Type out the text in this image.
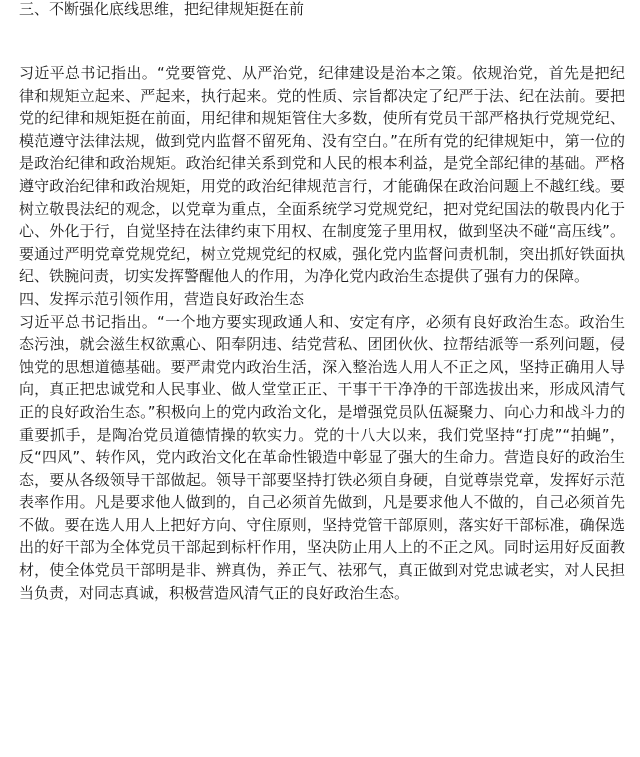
三、不断强化底线思维，把纪律规矩挺在前

习近平总书记指出。“党要管党、从严治党，纪律建设是治本之策。依规治党，首先是把纪律和规矩立起来、严起来，执行起来。党的性质、宗旨都决定了纪严于法、纪在法前。要把党的纪律和规矩挺在前面，用纪律和规矩管住大多数，使所有党员干部严格执行党规党纪、模范遵守法律法规，做到党内监督不留死角、没有空白。”在所有党的纪律规矩中，第一位的是政治纪律和政治规矩。政治纪律关系到党和人民的根本利益，是党全部纪律的基础。严格遵守政治纪律和政治规矩，用党的政治纪律规范言行，才能确保在政治问题上不越红线。要树立敬畏法纪的观念，以党章为重点，全面系统学习党规党纪，把对党纪国法的敬畏内化于心、外化于行，自觉坚持在法律约束下用权、在制度笼子里用权，做到坚决不碰“高压线”。要通过严明党章党规党纪，树立党规党纪的权威，强化党内监督问责机制，突出抓好铁面执纪、铁腕问责，切实发挥警醒他人的作用，为净化党内政治生态提供了强有力的保障。

四、发挥示范引领作用，营造良好政治生态

习近平总书记指出。“一个地方要实现政通人和、安定有序，必须有良好政治生态。政治生态污浊，就会滋生权欲熏心、阳奉阴违、结党营私、团团伙伙、拉帮结派等一系列问题，侵蚀党的思想道德基础。要严肃党内政治生活，深入整治选人用人不正之风，坚持正确用人导向，真正把忠诚党和人民事业、做人堂堂正正、干事干干净净的干部选拔出来，形成风清气正的良好政治生态。”积极向上的党内政治文化，是增强党员队伍凝聚力、向心力和战斗力的重要抓手，是陶冶党员道德情操的软实力。党的十八大以来，我们党坚持“打虎”“拍蝇”，反“四风”、转作风，党内政治文化在革命性锻造中彰显了强大的生命力。营造良好的政治生态，要从各级领导干部做起。领导干部要坚持打铁必须自身硬，自觉尊崇党章，发挥好示范表率作用。凡是要求他人做到的，自己必须首先做到，凡是要求他人不做的，自己必须首先不做。要在选人用人上把好方向、守住原则，坚持党管干部原则，落实好干部标准，确保选出的好干部为全体党员干部起到标杆作用，坚决防止用人上的不正之风。同时运用好反面教材，使全体党员干部明是非、辨真伪，养正气、祛邪气，真正做到对党忠诚老实，对人民担当负责，对同志真诚，积极营造风清气正的良好政治生态。
